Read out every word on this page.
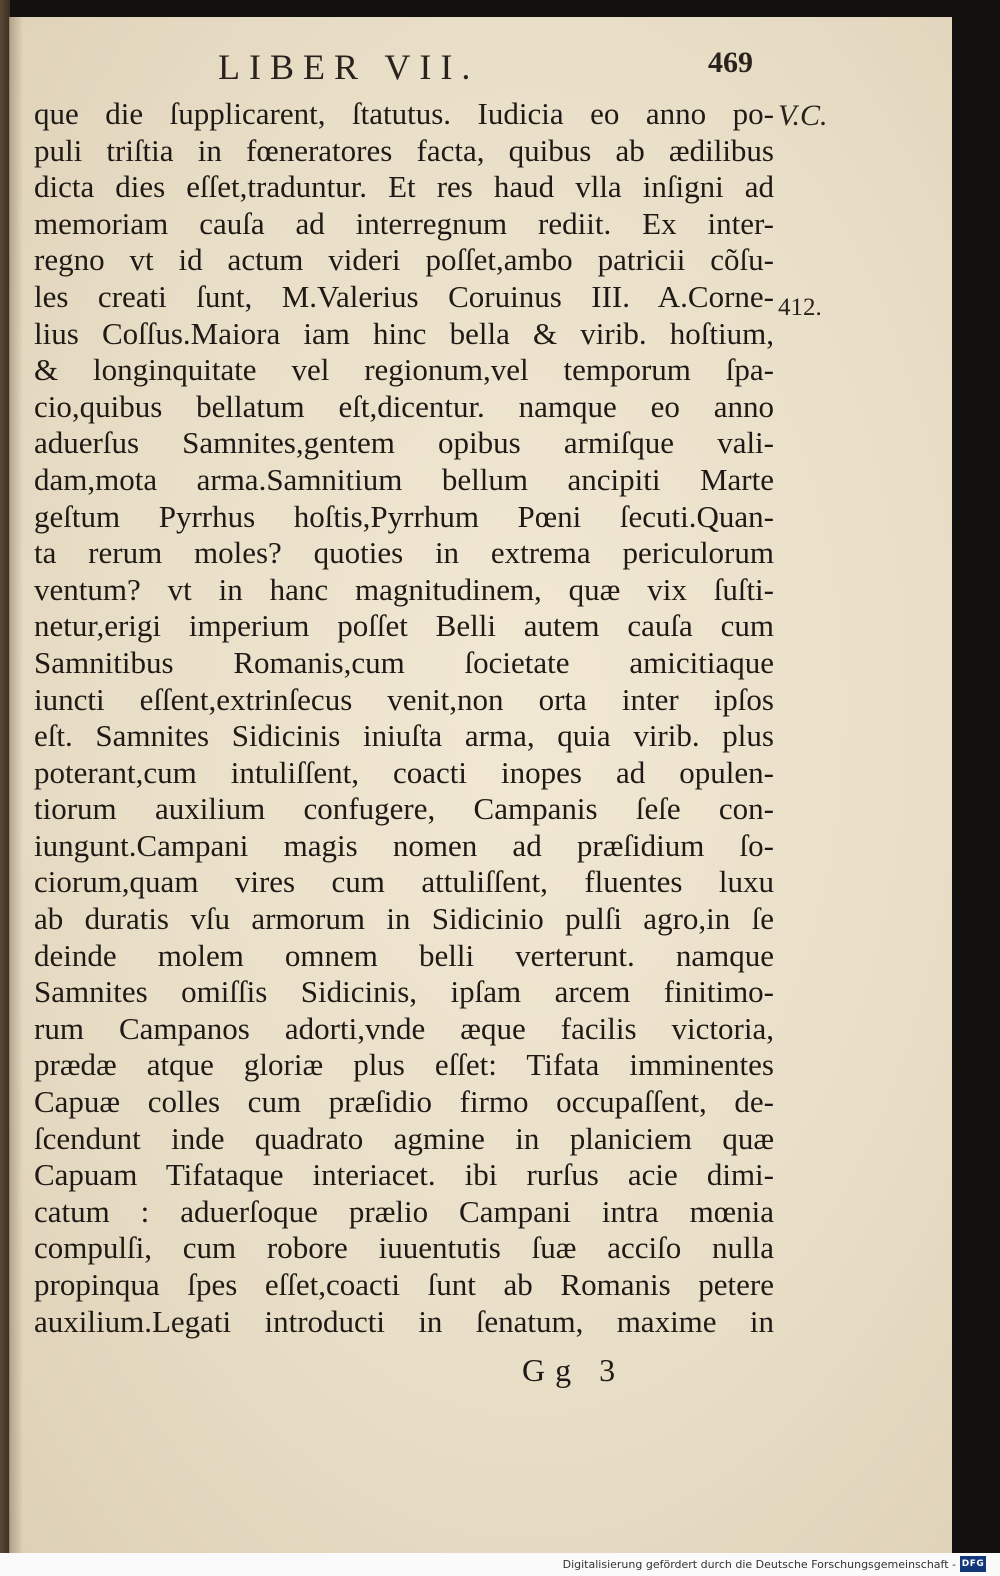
LIBER VII.	469
V.C.
412.
que die ſupplicarent, ſtatutus. Iudicia eo anno po-
puli triſtia in fœneratores facta, quibus ab ædilibus
dicta dies eſſet,traduntur. Et res haud vlla inſigni ad
memoriam cauſa ad interregnum rediit. Ex inter-
regno vt id actum videri poſſet,ambo patricii cõſu-
les creati ſunt, M.Valerius Coruinus III. A.Corne-
lius Coſſus.Maiora iam hinc bella & virib. hoſtium,
& longinquitate vel regionum,vel temporum ſpa-
cio,quibus bellatum eſt,dicentur. namque eo anno
aduerſus Samnites,gentem opibus armiſque vali-
dam,mota arma.Samnitium bellum ancipiti Marte
geſtum Pyrrhus hoſtis,Pyrrhum Pœni ſecuti.Quan-
ta rerum moles? quoties in extrema periculorum
ventum? vt in hanc magnitudinem, quæ vix ſuſti-
netur,erigi imperium poſſet Belli autem cauſa cum
Samnitibus Romanis,cum ſocietate amicitiaque
iuncti eſſent,extrinſecus venit,non orta inter ipſos
eſt. Samnites Sidicinis iniuſta arma, quia virib. plus
poterant,cum intuliſſent, coacti inopes ad opulen-
tiorum auxilium confugere, Campanis ſeſe con-
iungunt.Campani magis nomen ad præſidium ſo-
ciorum,quam vires cum attuliſſent, fluentes luxu
ab duratis vſu armorum in Sidicinio pulſi agro,in ſe
deinde molem omnem belli verterunt. namque
Samnites omiſſis Sidicinis, ipſam arcem finitimo-
rum Campanos adorti,vnde æque facilis victoria,
prædæ atque gloriæ plus eſſet: Tifata imminentes
Capuæ colles cum præſidio firmo occupaſſent, de-
ſcendunt inde quadrato agmine in planiciem quæ
Capuam Tifataque interiacet. ibi rurſus acie dimi-
catum : aduerſoque prælio Campani intra mœnia
compulſi, cum robore iuuentutis ſuæ acciſo nulla
propinqua ſpes eſſet,coacti ſunt ab Romanis petere
auxilium.Legati introducti in ſenatum, maxime in
Gg 3
Digitalisierung gefördert durch die Deutsche Forschungsgemeinschaft - DFG
